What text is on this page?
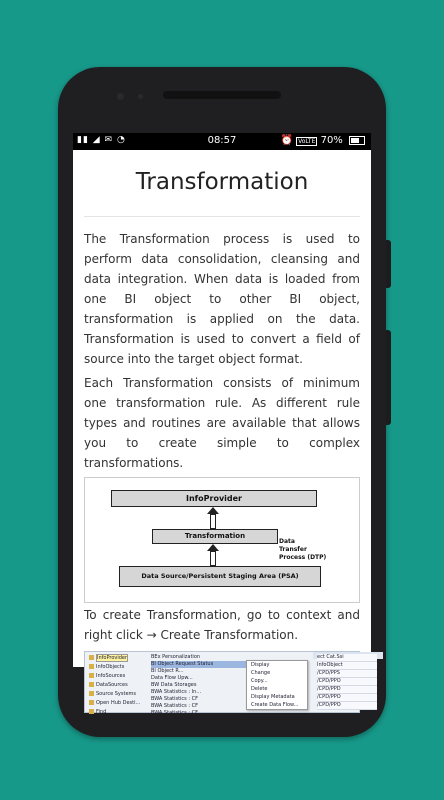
▮▮ ◢ ✉ ◔	08:57	⏰ VoLTE 70%
Transformation

The Transformation process is used to perform data consolidation, cleansing and data integration. When data is loaded from one BI object to other BI object, transformation is applied on the data. Transformation is used to convert a field of source into the target object format.

Each Transformation consists of minimum one transformation rule. As different rule types and routines are available that allows you to create simple to complex transformations.

InfoProvider
Transformation
Data
Transfer
Process (DTP)
Data Source/Persistent Staging Area (PSA)

To create Transformation, go to context and right click → Create Transformation.

InfoProvider
InfoObjects
InfoSources
DataSources
Source Systems
Open Hub Desti...
Find
BEx Personalization
BI Object Request Status
BI Object R...
Data Flow Upw...
BW Data Storages
BWA Statistics : In...
BWA Statistics : CF
BWA Statistics : CF
BWA Statistics : CF
ect Cat.Ssi
InfoObject
/CPD/PPS
/CPD/PPO
/CPD/PPD
/CPD/PPO
/CPD/PPO
Display
Change
Copy...
Delete
Display Metadata
Create Data Flow...
